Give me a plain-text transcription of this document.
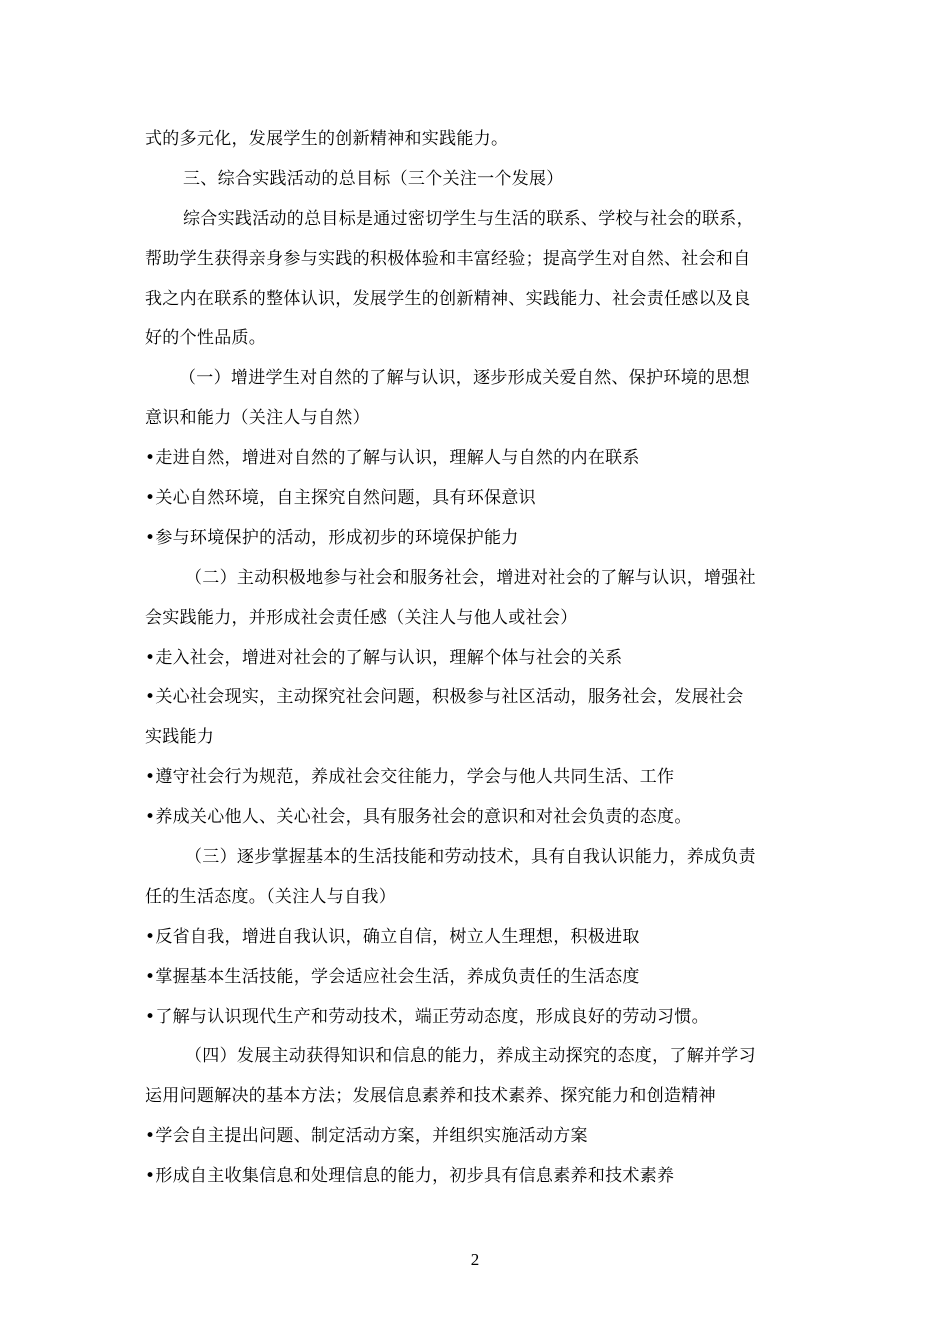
式的多元化，发展学生的创新精神和实践能力。
三、综合实践活动的总目标（三个关注一个发展）
综合实践活动的总目标是通过密切学生与生活的联系、学校与社会的联系，
帮助学生获得亲身参与实践的积极体验和丰富经验；提高学生对自然、社会和自
我之内在联系的整体认识，发展学生的创新精神、实践能力、社会责任感以及良
好的个性品质。
（一）增进学生对自然的了解与认识，逐步形成关爱自然、保护环境的思想
意识和能力（关注人与自然）
•走进自然，增进对自然的了解与认识，理解人与自然的内在联系
•关心自然环境，自主探究自然问题，具有环保意识
•参与环境保护的活动，形成初步的环境保护能力
（二）主动积极地参与社会和服务社会，增进对社会的了解与认识，增强社
会实践能力，并形成社会责任感（关注人与他人或社会）
•走入社会，增进对社会的了解与认识，理解个体与社会的关系
•关心社会现实，主动探究社会问题，积极参与社区活动，服务社会，发展社会
实践能力
•遵守社会行为规范，养成社会交往能力，学会与他人共同生活、工作
•养成关心他人、关心社会，具有服务社会的意识和对社会负责的态度。
（三）逐步掌握基本的生活技能和劳动技术，具有自我认识能力，养成负责
任的生活态度。（关注人与自我）
•反省自我，增进自我认识，确立自信，树立人生理想，积极进取
•掌握基本生活技能，学会适应社会生活，养成负责任的生活态度
•了解与认识现代生产和劳动技术，端正劳动态度，形成良好的劳动习惯。
（四）发展主动获得知识和信息的能力，养成主动探究的态度，了解并学习
运用问题解决的基本方法；发展信息素养和技术素养、探究能力和创造精神
•学会自主提出问题、制定活动方案，并组织实施活动方案
•形成自主收集信息和处理信息的能力，初步具有信息素养和技术素养
2
